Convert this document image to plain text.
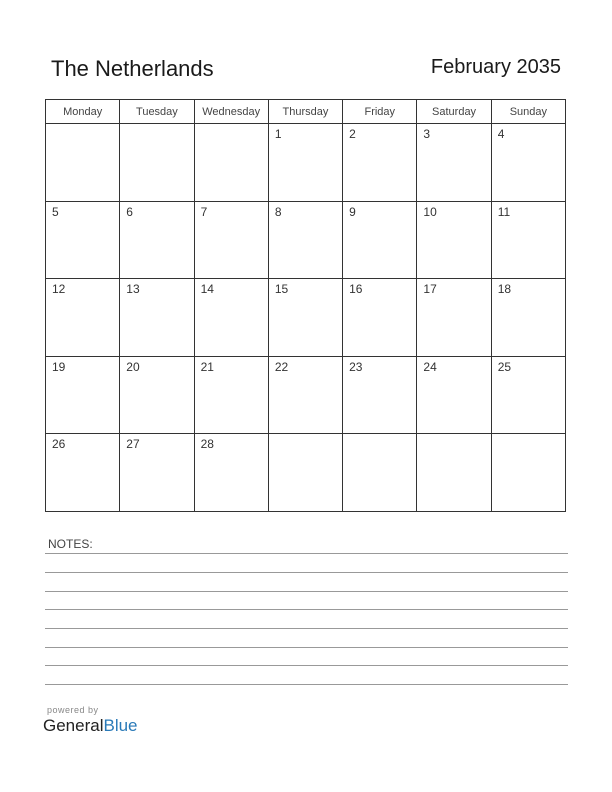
The Netherlands	February 2035
Monday	Tuesday	Wednesday	Thursday	Friday	Saturday	Sunday

			1	2	3	4

5	6	7	8	9	10	11

12	13	14	15	16	17	18

19	20	21	22	23	24	25

26	27	28				

NOTES:
powered by
GeneralBlue
